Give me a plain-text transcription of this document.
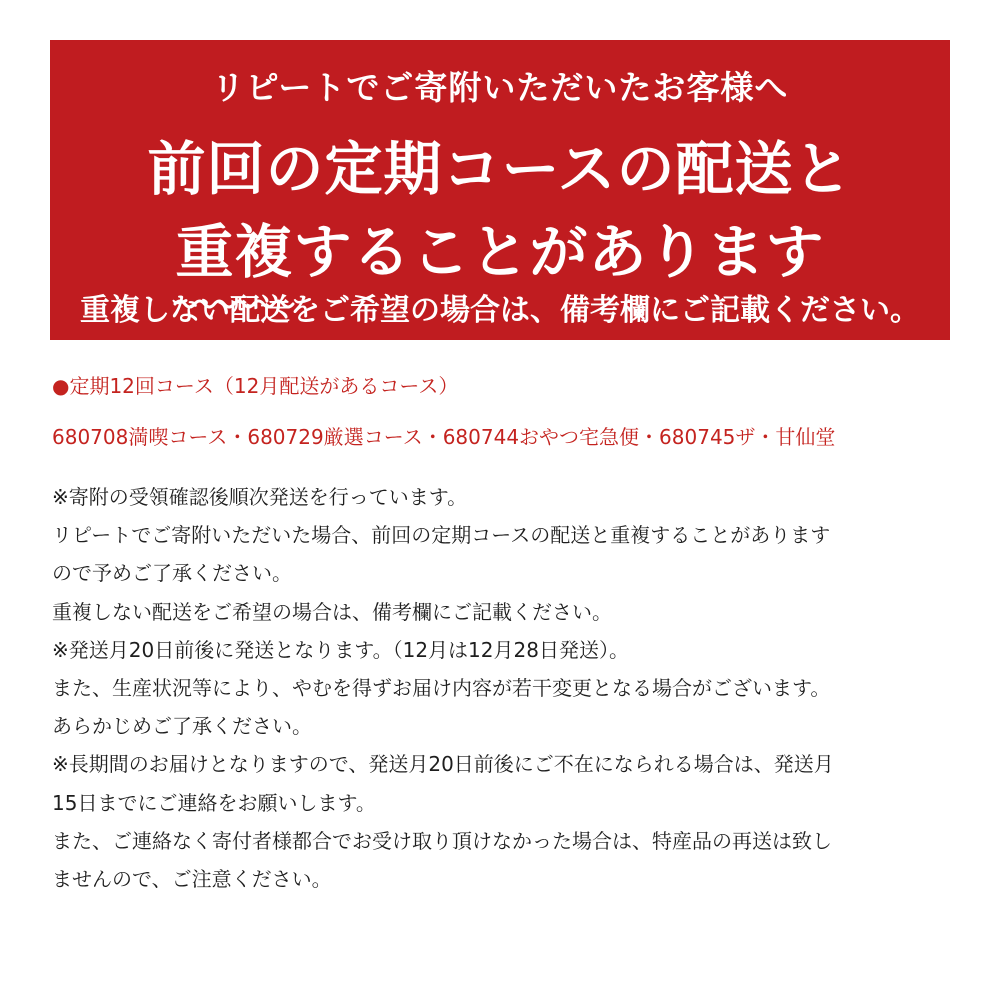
リピートでご寄附いただいたお客様へ
前回の定期コースの配送と
重複
することがあります
重複しない配送をご希望の場合は、備考欄にご記載ください。
●定期12回コース（12月配送があるコース）
680708満喫コース・680729厳選コース・680744おやつ宅急便・680745ザ・甘仙堂
※寄附の受領確認後順次発送を行っています。
リピートでご寄附いただいた場合、前回の定期コースの配送と重複することがあります
ので予めご了承ください。
重複しない配送をご希望の場合は、備考欄にご記載ください。
※発送月20日前後に発送となります。（12月は12月28日発送）。
また、生産状況等により、やむを得ずお届け内容が若干変更となる場合がございます。
あらかじめご了承ください。
※長期間のお届けとなりますので、発送月20日前後にご不在になられる場合は、発送月
15日までにご連絡をお願いします。
また、ご連絡なく寄付者様都合でお受け取り頂けなかった場合は、特産品の再送は致し
ませんので、ご注意ください。
